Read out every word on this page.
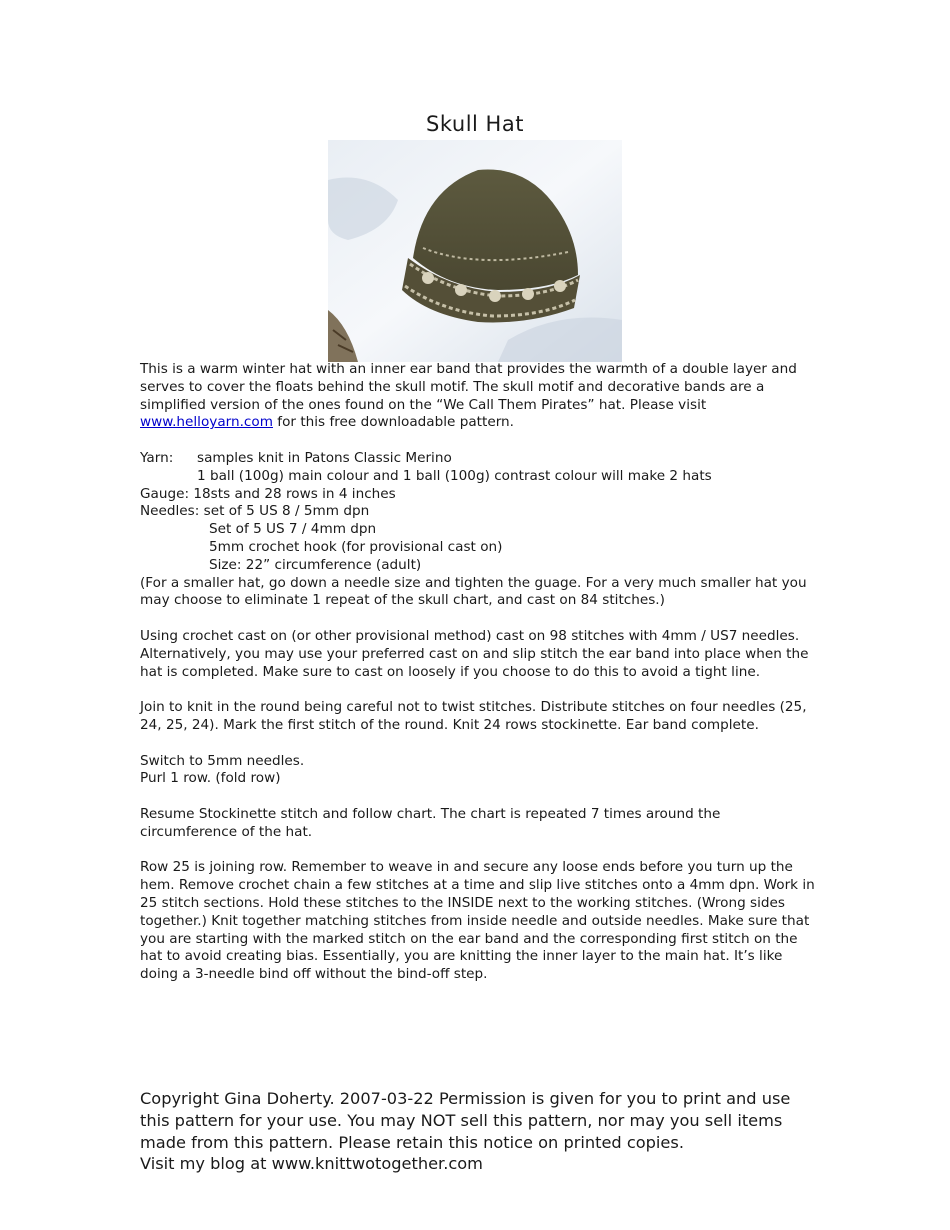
Skull Hat

This is a warm winter hat with an inner ear band that provides the warmth of a double layer and serves to cover the floats behind the skull motif. The skull motif and decorative bands are a simplified version of the ones found on the “We Call Them Pirates” hat. Please visit www.helloyarn.com for this free downloadable pattern.

Yarn: samples knit in Patons Classic Merino

1 ball (100g) main colour and 1 ball (100g) contrast colour will make 2 hats

Gauge: 18sts and 28 rows in 4 inches

Needles: set of 5 US 8 / 5mm dpn

Set of 5 US 7 / 4mm dpn

5mm crochet hook (for provisional cast on)

Size: 22” circumference (adult)

(For a smaller hat, go down a needle size and tighten the guage. For a very much smaller hat you may choose to eliminate 1 repeat of the skull chart, and cast on 84 stitches.)

Using crochet cast on (or other provisional method) cast on 98 stitches with 4mm / US7 needles. Alternatively, you may use your preferred cast on and slip stitch the ear band into place when the hat is completed. Make sure to cast on loosely if you choose to do this to avoid a tight line.

Join to knit in the round being careful not to twist stitches. Distribute stitches on four needles (25, 24, 25, 24). Mark the first stitch of the round. Knit 24 rows stockinette. Ear band complete.

Switch to 5mm needles.

Purl 1 row. (fold row)

Resume Stockinette stitch and follow chart. The chart is repeated 7 times around the circumference of the hat.

Row 25 is joining row. Remember to weave in and secure any loose ends before you turn up the hem. Remove crochet chain a few stitches at a time and slip live stitches onto a 4mm dpn. Work in 25 stitch sections. Hold these stitches to the INSIDE next to the working stitches. (Wrong sides together.) Knit together matching stitches from inside needle and outside needles. Make sure that you are starting with the marked stitch on the ear band and the corresponding first stitch on the hat to avoid creating bias. Essentially, you are knitting the inner layer to the main hat. It’s like doing a 3-needle bind off without the bind-off step.

Copyright Gina Doherty. 2007-03-22 Permission is given for you to print and use this pattern for your use. You may NOT sell this pattern, nor may you sell items made from this pattern. Please retain this notice on printed copies.

Visit my blog at www.knittwotogether.com
